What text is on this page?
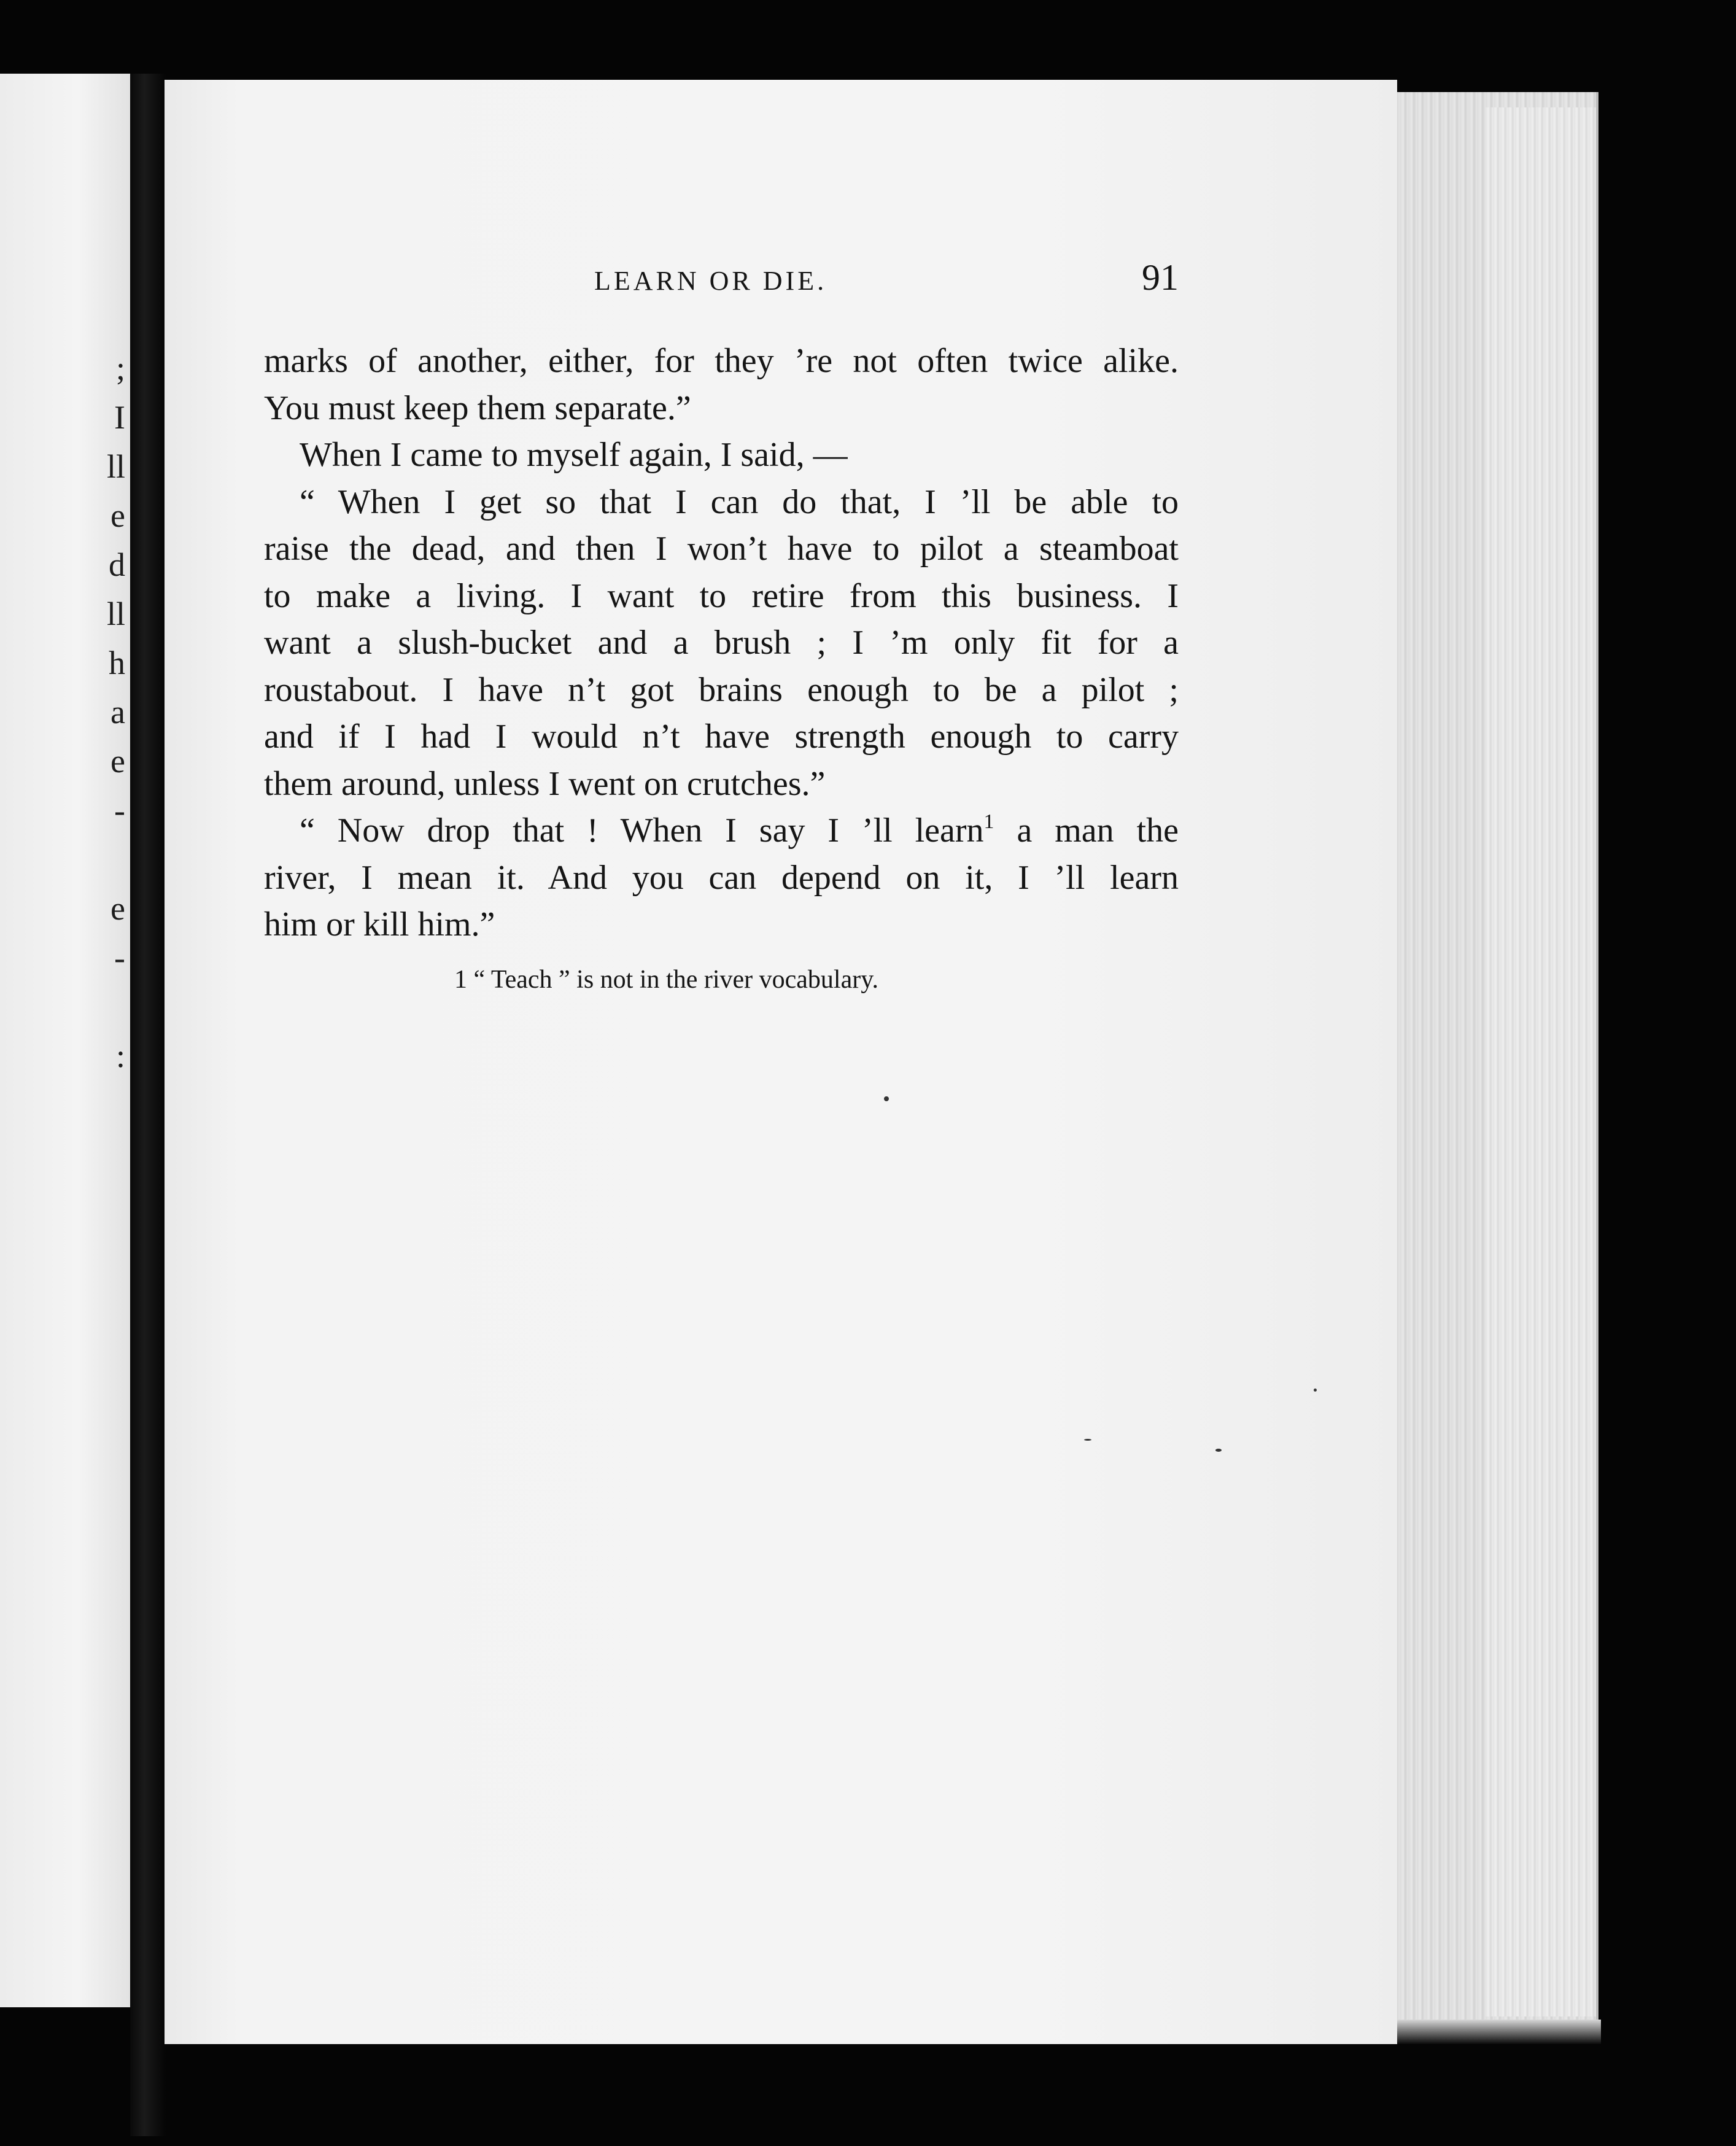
;
I
ll
e
d
ll
h
a
e
-
e
-
:
LEARN OR DIE.	91
marks of another, either, for they ’re not often twice alike.
You must keep them separate.”
When I came to myself again, I said, —
“ When I get so that I can do that, I ’ll be able to
raise the dead, and then I won’t have to pilot a steamboat
to make a living. I want to retire from this business. I
want a slush-bucket and a brush ; I ’m only fit for a
roustabout. I have n’t got brains enough to be a pilot ;
and if I had I would n’t have strength enough to carry
them around, unless I went on crutches.”
“ Now drop that ! When I say I ’ll learn$^1$ a man the
river, I mean it. And you can depend on it, I ’ll learn
him or kill him.”
1 “ Teach ” is not in the river vocabulary.
